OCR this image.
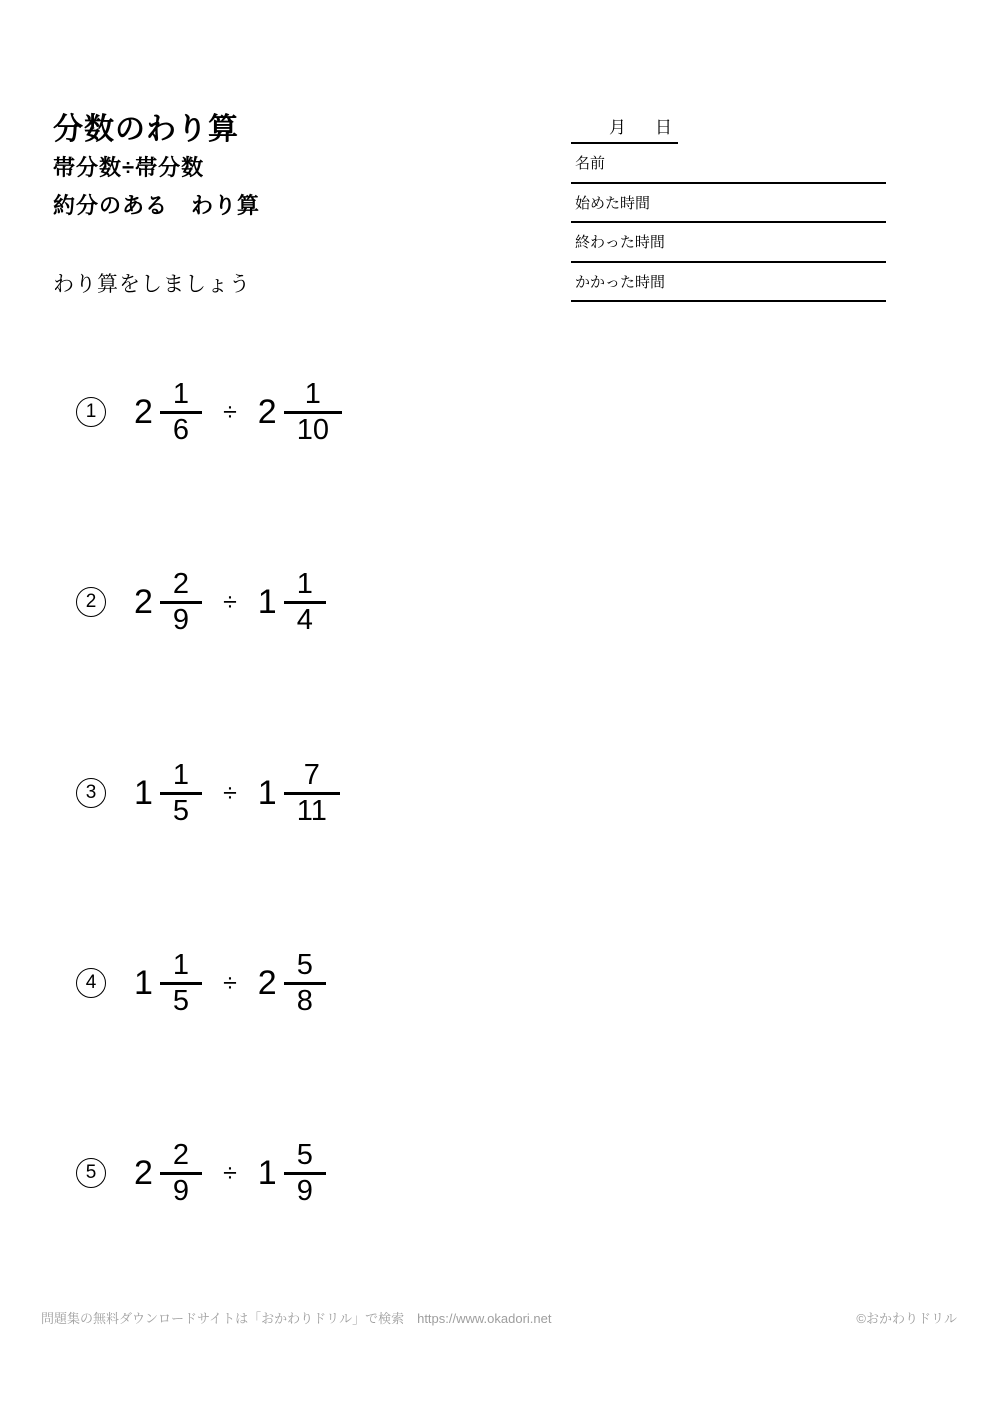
分数のわり算
帯分数÷帯分数
約分のある　わり算
わり算をしましょう
月 日
名前
始めた時間
終わった時間
かかった時間
1 $2 \frac{1}{6} \div 2 \frac{1}{10}$
2 $2 \frac{2}{9} \div 1 \frac{1}{4}$
3 $1 \frac{1}{5} \div 1 \frac{7}{11}$
4 $1 \frac{1}{5} \div 2 \frac{5}{8}$
5 $2 \frac{2}{9} \div 1 \frac{5}{9}$
問題集の無料ダウンロードサイトは「おかわりドリル」で検索　https://www.okadori.net	©おかわりドリル
